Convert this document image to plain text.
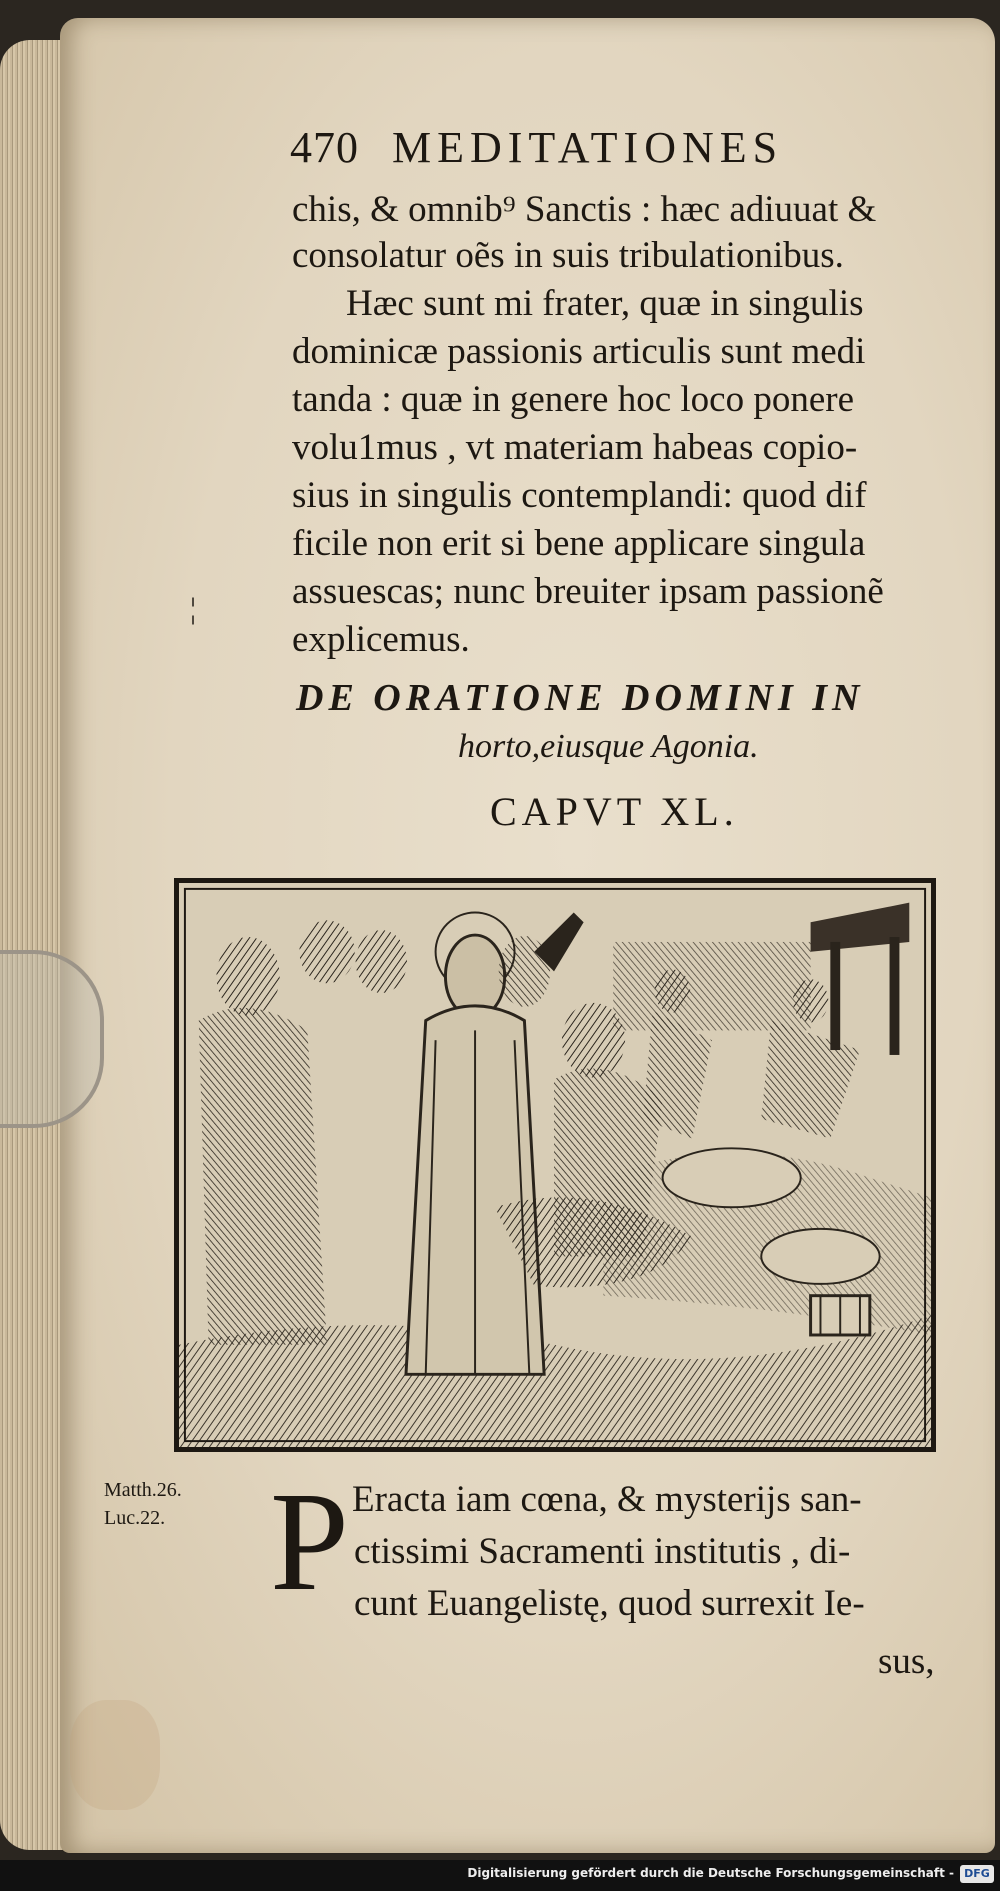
470 MEDITATIONES
chis, & omnib⁹ Sanctis : hæc adiuuat &
consolatur oẽs in suis tribulationibus.
Hæc sunt mi frater, quæ in singulis
dominicæ passionis articulis sunt medi
tanda : quæ in genere hoc loco ponere
volu1mus , vt materiam habeas copio-
sius in singulis contemplandi: quod dif
ficile non erit si bene applicare singula
assuescas; nunc breuiter ipsam passionẽ
explicemus.
¦
DE ORATIONE DOMINI IN
horto,eiusque Agonia.
CAPVT XL.
Matth.26.
Luc.22. P Eracta iam cœna, & mysterijs san-
ctissimi Sacramenti institutis , di-
cunt Euangelistę, quod surrexit Ie-
sus,
Digitalisierung gefördert durch die Deutsche Forschungsgemeinschaft - DFG
